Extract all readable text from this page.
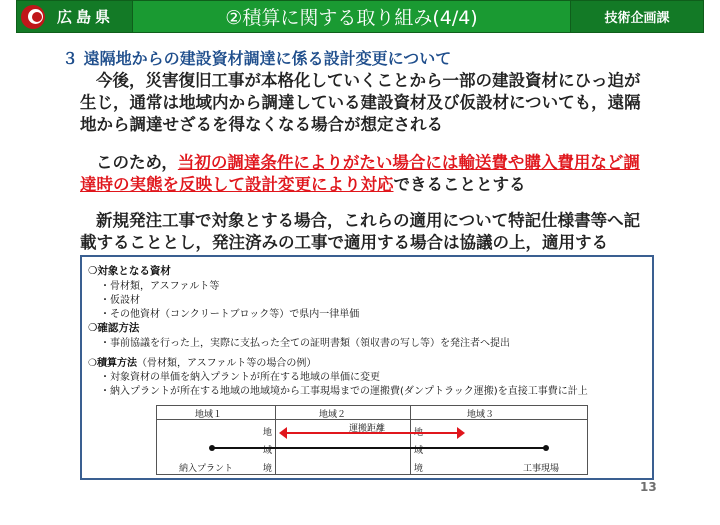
広島県	②積算に関する取り組み(4/4)	技術企画課
３ 遠隔地からの建設資材調達に係る設計変更について

今後，災害復旧工事が本格化していくことから一部の建設資材にひっ迫が

生じ，通常は地域内から調達している建設資材及び仮設材についても，遠隔

地から調達せざるを得なくなる場合が想定される

このため，当初の調達条件によりがたい場合には輸送費や購入費用など調

達時の実態を反映して設計変更により対応できることとする

新規発注工事で対象とする場合，これらの適用について特記仕様書等へ記

載することとし，発注済みの工事で適用する場合は協議の上，適用する

❍対象となる資材
・骨材類，アスファルト等
・仮設材
・その他資材（コンクリートブロック等）で県内一律単価
❍確認方法
・事前協議を行った上，実際に支払った全ての証明書類（領収書の写し等）を発注者へ提出
❍積算方法（骨材類，アスファルト等の場合の例）
・対象資材の単価を納入プラントが所在する地域の単価に変更
・納入プラントが所在する地域の地域境から工事現場までの運搬費(ダンプトラック運搬)を直接工事費に計上
地域１	地域２	地域３
地
域
境
地
域
境
運搬距離
納入プラント	工事現場
13
